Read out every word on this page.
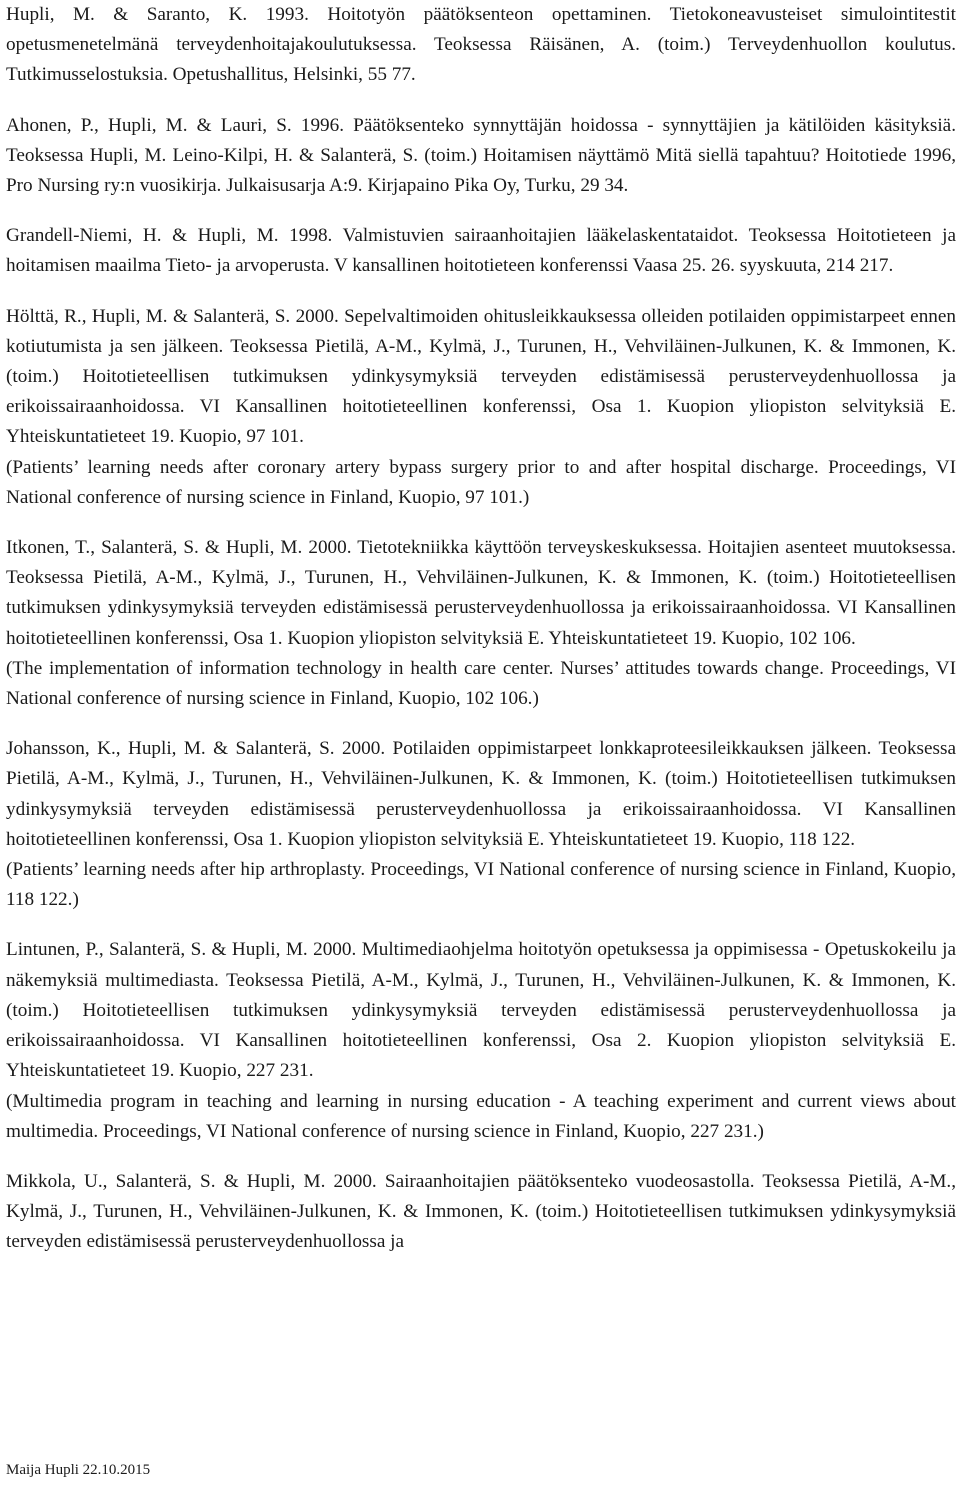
Hupli, M. & Saranto, K. 1993. Hoitotyön päätöksenteon opettaminen. Tietokoneavusteiset simulointitestit opetusmenetelmänä terveydenhoitajakoulutuksessa. Teoksessa Räisänen, A. (toim.) Terveydenhuollon koulutus. Tutkimusselostuksia. Opetushallitus, Helsinki, 55 77.

Ahonen, P., Hupli, M. & Lauri, S. 1996. Päätöksenteko synnyttäjän hoidossa - synnyttäjien ja kätilöiden käsityksiä. Teoksessa Hupli, M. Leino-Kilpi, H. & Salanterä, S. (toim.) Hoitamisen näyttämö Mitä siellä tapahtuu? Hoitotiede 1996, Pro Nursing ry:n vuosikirja. Julkaisusarja A:9. Kirjapaino Pika Oy, Turku, 29 34.

Grandell-Niemi, H. & Hupli, M. 1998. Valmistuvien sairaanhoitajien lääkelaskentataidot. Teoksessa Hoitotieteen ja hoitamisen maailma Tieto- ja arvoperusta. V kansallinen hoitotieteen konferenssi Vaasa 25. 26. syyskuuta, 214 217.

Hölttä, R., Hupli, M. & Salanterä, S. 2000. Sepelvaltimoiden ohitusleikkauksessa olleiden potilaiden oppimistarpeet ennen kotiutumista ja sen jälkeen. Teoksessa Pietilä, A-M., Kylmä, J., Turunen, H., Vehviläinen-Julkunen, K. & Immonen, K. (toim.) Hoitotieteellisen tutkimuksen ydinkysymyksiä terveyden edistämisessä perusterveydenhuollossa ja erikoissairaanhoidossa. VI Kansallinen hoitotieteellinen konferenssi, Osa 1. Kuopion yliopiston selvityksiä E. Yhteiskuntatieteet 19. Kuopio, 97 101.

(Patients’ learning needs after coronary artery bypass surgery prior to and after hospital discharge. Proceedings, VI National conference of nursing science in Finland, Kuopio, 97 101.)

Itkonen, T., Salanterä, S. & Hupli, M. 2000. Tietotekniikka käyttöön terveyskeskuksessa. Hoitajien asenteet muutoksessa. Teoksessa Pietilä, A-M., Kylmä, J., Turunen, H., Vehviläinen-Julkunen, K. & Immonen, K. (toim.) Hoitotieteellisen tutkimuksen ydinkysymyksiä terveyden edistämisessä perusterveydenhuollossa ja erikoissairaanhoidossa. VI Kansallinen hoitotieteellinen konferenssi, Osa 1. Kuopion yliopiston selvityksiä E. Yhteiskuntatieteet 19. Kuopio, 102 106.

(The implementation of information technology in health care center. Nurses’ attitudes towards change. Proceedings, VI National conference of nursing science in Finland, Kuopio, 102 106.)

Johansson, K., Hupli, M. & Salanterä, S. 2000. Potilaiden oppimistarpeet lonkkaproteesileikkauksen jälkeen. Teoksessa Pietilä, A-M., Kylmä, J., Turunen, H., Vehviläinen-Julkunen, K. & Immonen, K. (toim.) Hoitotieteellisen tutkimuksen ydinkysymyksiä terveyden edistämisessä perusterveydenhuollossa ja erikoissairaanhoidossa. VI Kansallinen hoitotieteellinen konferenssi, Osa 1. Kuopion yliopiston selvityksiä E. Yhteiskuntatieteet 19. Kuopio, 118 122.

(Patients’ learning needs after hip arthroplasty. Proceedings, VI National conference of nursing science in Finland, Kuopio, 118 122.)

Lintunen, P., Salanterä, S. & Hupli, M. 2000. Multimediaohjelma hoitotyön opetuksessa ja oppimisessa - Opetuskokeilu ja näkemyksiä multimediasta. Teoksessa Pietilä, A-M., Kylmä, J., Turunen, H., Vehviläinen-Julkunen, K. & Immonen, K. (toim.) Hoitotieteellisen tutkimuksen ydinkysymyksiä terveyden edistämisessä perusterveydenhuollossa ja erikoissairaanhoidossa. VI Kansallinen hoitotieteellinen konferenssi, Osa 2. Kuopion yliopiston selvityksiä E. Yhteiskuntatieteet 19. Kuopio, 227 231.

(Multimedia program in teaching and learning in nursing education - A teaching experiment and current views about multimedia. Proceedings, VI National conference of nursing science in Finland, Kuopio, 227 231.)

Mikkola, U., Salanterä, S. & Hupli, M. 2000. Sairaanhoitajien päätöksenteko vuodeosastolla. Teoksessa Pietilä, A-M., Kylmä, J., Turunen, H., Vehviläinen-Julkunen, K. & Immonen, K. (toim.) Hoitotieteellisen tutkimuksen ydinkysymyksiä terveyden edistämisessä perusterveydenhuollossa ja

Maija Hupli 22.10.2015
